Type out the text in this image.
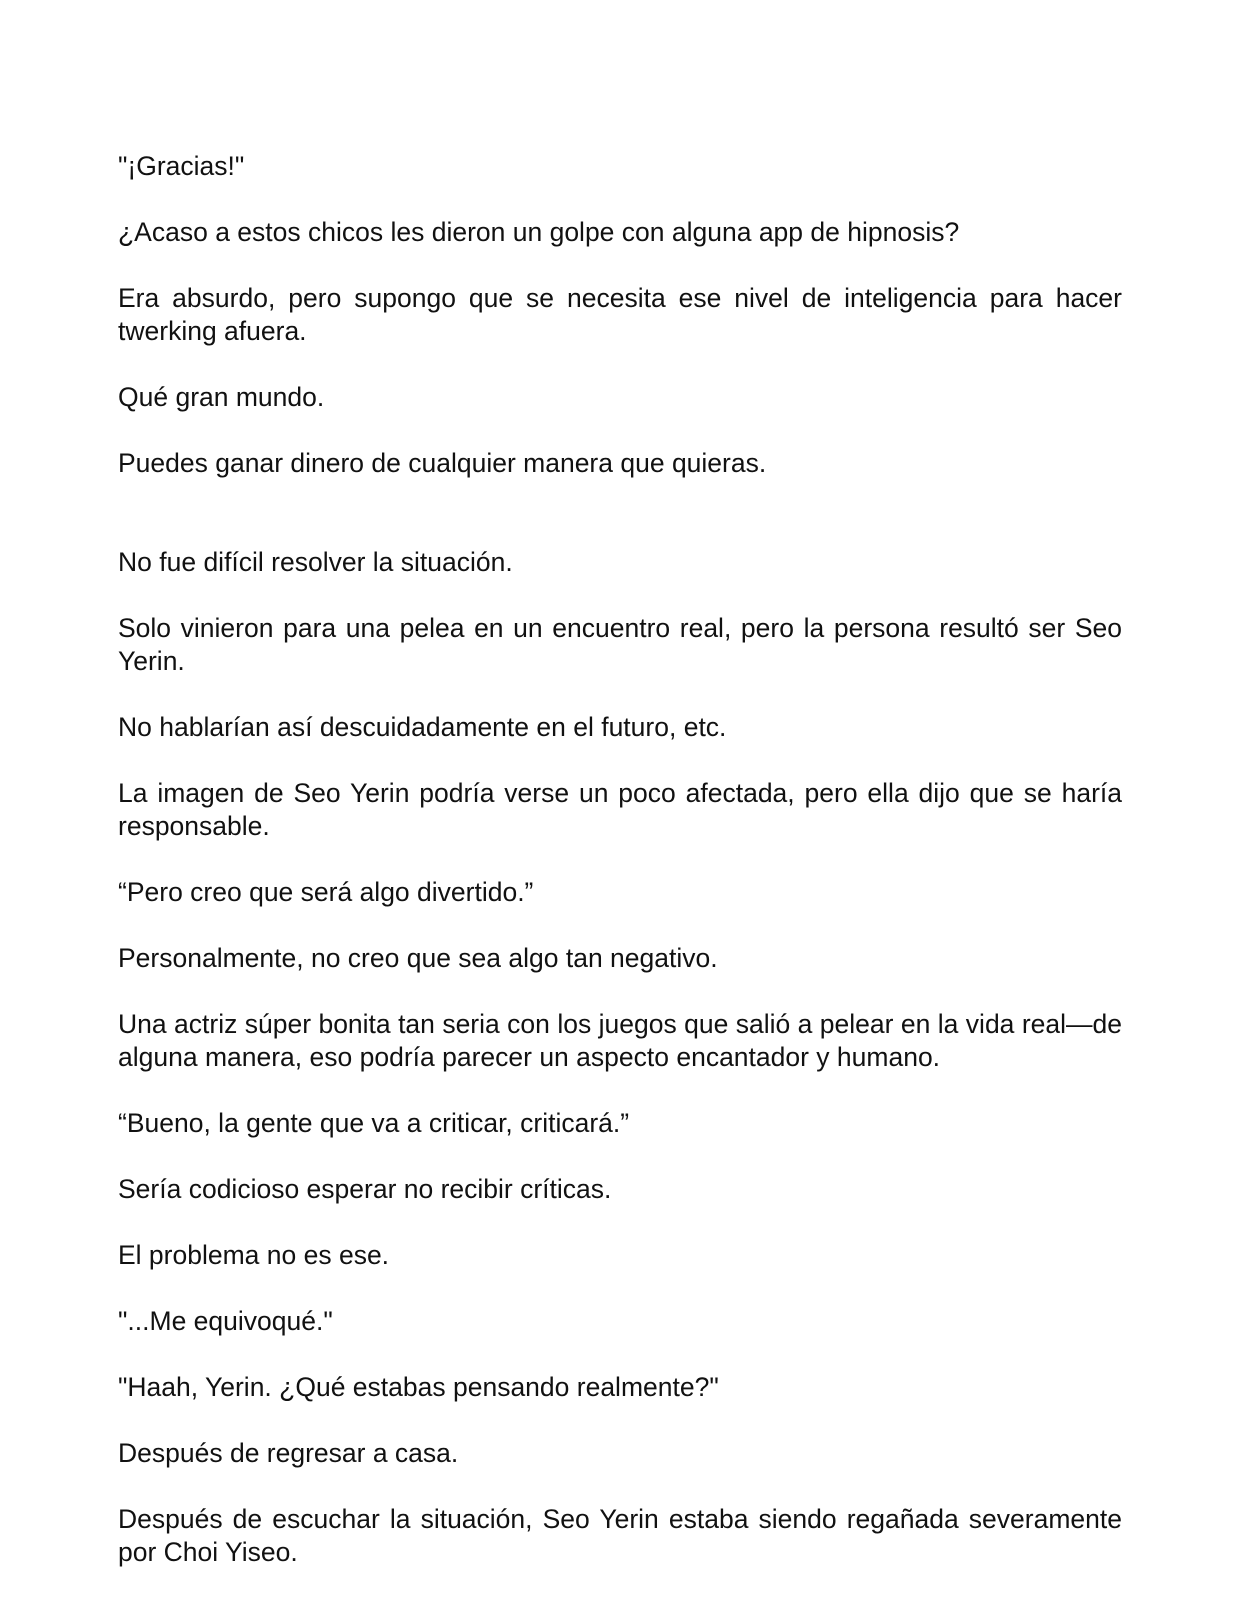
"¡Gracias!"

¿Acaso a estos chicos les dieron un golpe con alguna app de hipnosis?

Era absurdo, pero supongo que se necesita ese nivel de inteligencia para hacer twerking afuera.

Qué gran mundo.

Puedes ganar dinero de cualquier manera que quieras.

No fue difícil resolver la situación.

Solo vinieron para una pelea en un encuentro real, pero la persona resultó ser Seo Yerin.

No hablarían así descuidadamente en el futuro, etc.

La imagen de Seo Yerin podría verse un poco afectada, pero ella dijo que se haría responsable.

“Pero creo que será algo divertido.”

Personalmente, no creo que sea algo tan negativo.

Una actriz súper bonita tan seria con los juegos que salió a pelear en la vida real—de alguna manera, eso podría parecer un aspecto encantador y humano.

“Bueno, la gente que va a criticar, criticará.”

Sería codicioso esperar no recibir críticas.

El problema no es ese.

"...Me equivoqué."

"Haah, Yerin. ¿Qué estabas pensando realmente?"

Después de regresar a casa.

Después de escuchar la situación, Seo Yerin estaba siendo regañada severamente por Choi Yiseo.
